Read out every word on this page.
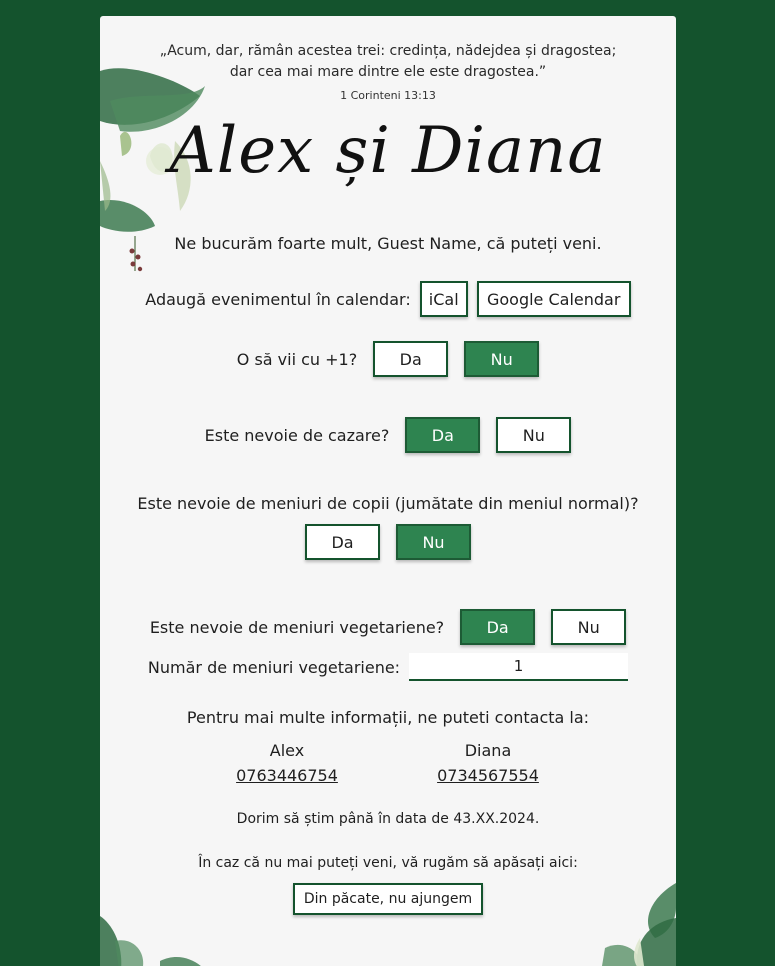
„Acum, dar, rămân acestea trei: credința, nădejdea și dragostea;
dar cea mai mare dintre ele este dragostea.”
1 Corinteni 13:13
Alex și Diana
Ne bucurăm foarte mult, Guest Name, că puteți veni.
Adaugă evenimentul în calendar:	iCal	Google Calendar
O să vii cu +1?	Da	Nu
Este nevoie de cazare?	Da	Nu
Este nevoie de meniuri de copii (jumătate din meniul normal)?
Da	Nu
Este nevoie de meniuri vegetariene?	Da	Nu
Număr de meniuri vegetariene:	1
Pentru mai multe informații, ne puteti contacta la:
Alex
0763446754
Diana
0734567554
Dorim să știm până în data de 43.XX.2024.
În caz că nu mai puteți veni, vă rugăm să apăsați aici:
Din păcate, nu ajungem
